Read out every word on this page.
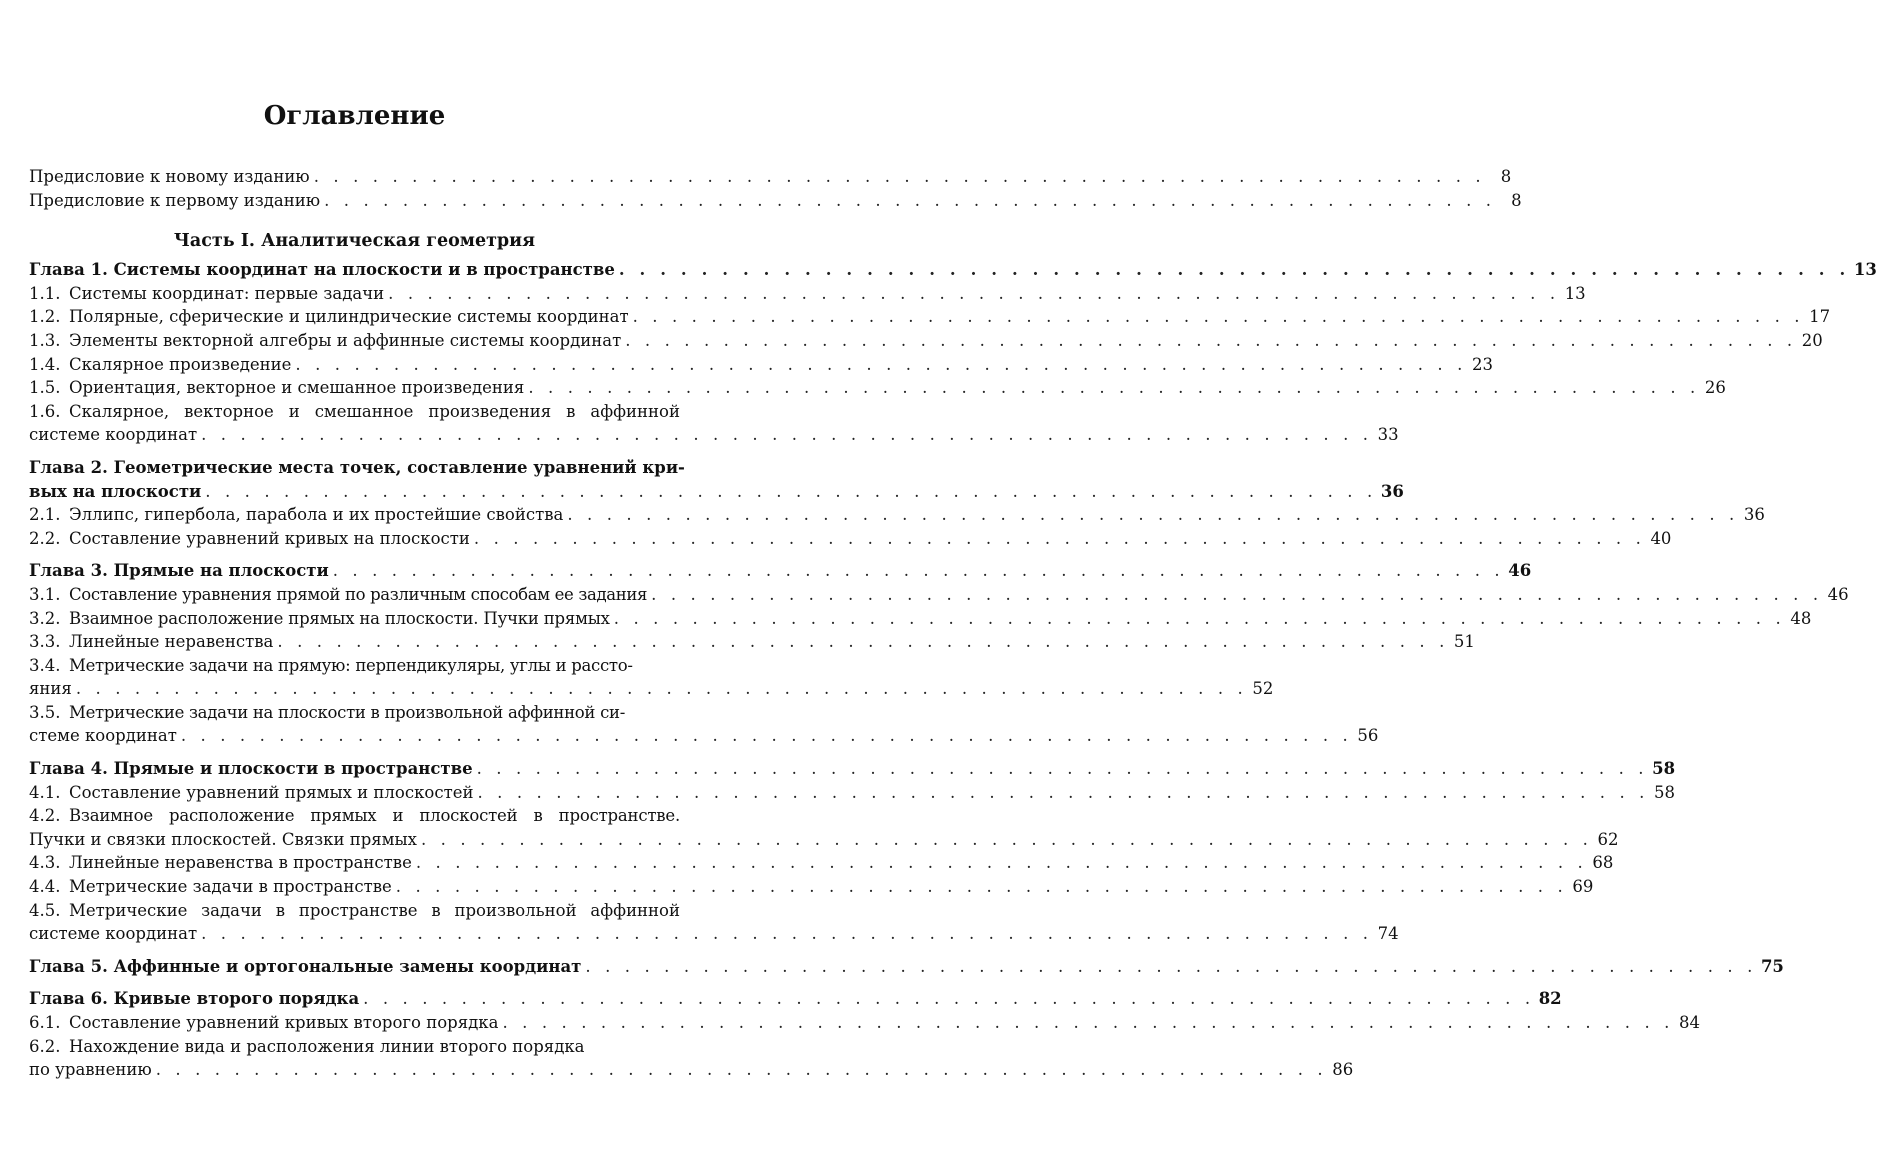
Оглавление
Предисловие к новому изданию . . . . . . . . . . . . . . . . . . . . . . . . . . . . . . . . . . . . . . . . . . . . . . . . . . . . . . . . . . . . 8
Предисловие к первому изданию . . . . . . . . . . . . . . . . . . . . . . . . . . . . . . . . . . . . . . . . . . . . . . . . . . . . . . . . . . . . 8
Часть I. Аналитическая геометрия
Глава 1. Системы координат на плоскости и в пространстве . . . . . . . . . . . . . . . . . . . . . . . . . . . . . . . . . . . . . . . . . . . . . . . . . . . . . . . . . . . . 13
1.1. Системы координат: первые задачи . . . . . . . . . . . . . . . . . . . . . . . . . . . . . . . . . . . . . . . . . . . . . . . . . . . . . . . . . . . . 13
1.2. Полярные, сферические и цилиндрические системы координат . . . . . . . . . . . . . . . . . . . . . . . . . . . . . . . . . . . . . . . . . . . . . . . . . . . . . . . . . . . . 17
1.3. Элементы векторной алгебры и аффинные системы координат . . . . . . . . . . . . . . . . . . . . . . . . . . . . . . . . . . . . . . . . . . . . . . . . . . . . . . . . . . . . 20
1.4. Скалярное произведение . . . . . . . . . . . . . . . . . . . . . . . . . . . . . . . . . . . . . . . . . . . . . . . . . . . . . . . . . . . . 23
1.5. Ориентация, векторное и смешанное произведения . . . . . . . . . . . . . . . . . . . . . . . . . . . . . . . . . . . . . . . . . . . . . . . . . . . . . . . . . . . . 26
1.6. Скалярное, векторное и смешанное произведения в аффинной
системе координат . . . . . . . . . . . . . . . . . . . . . . . . . . . . . . . . . . . . . . . . . . . . . . . . . . . . . . . . . . . . 33
Глава 2. Геометрические места точек, составление уравнений кри-
вых на плоскости . . . . . . . . . . . . . . . . . . . . . . . . . . . . . . . . . . . . . . . . . . . . . . . . . . . . . . . . . . . . 36
2.1. Эллипс, гипербола, парабола и их простейшие свойства . . . . . . . . . . . . . . . . . . . . . . . . . . . . . . . . . . . . . . . . . . . . . . . . . . . . . . . . . . . . 36
2.2. Составление уравнений кривых на плоскости . . . . . . . . . . . . . . . . . . . . . . . . . . . . . . . . . . . . . . . . . . . . . . . . . . . . . . . . . . . . 40
Глава 3. Прямые на плоскости . . . . . . . . . . . . . . . . . . . . . . . . . . . . . . . . . . . . . . . . . . . . . . . . . . . . . . . . . . . . 46
3.1. Составление уравнения прямой по различным способам ее задания . . . . . . . . . . . . . . . . . . . . . . . . . . . . . . . . . . . . . . . . . . . . . . . . . . . . . . . . . . . . 46
3.2. Взаимное расположение прямых на плоскости. Пучки прямых . . . . . . . . . . . . . . . . . . . . . . . . . . . . . . . . . . . . . . . . . . . . . . . . . . . . . . . . . . . . 48
3.3. Линейные неравенства . . . . . . . . . . . . . . . . . . . . . . . . . . . . . . . . . . . . . . . . . . . . . . . . . . . . . . . . . . . . 51
3.4. Метрические задачи на прямую: перпендикуляры, углы и рассто-
яния . . . . . . . . . . . . . . . . . . . . . . . . . . . . . . . . . . . . . . . . . . . . . . . . . . . . . . . . . . . . 52
3.5. Метрические задачи на плоскости в произвольной аффинной си-
стеме координат . . . . . . . . . . . . . . . . . . . . . . . . . . . . . . . . . . . . . . . . . . . . . . . . . . . . . . . . . . . . 56
Глава 4. Прямые и плоскости в пространстве . . . . . . . . . . . . . . . . . . . . . . . . . . . . . . . . . . . . . . . . . . . . . . . . . . . . . . . . . . . . 58
4.1. Составление уравнений прямых и плоскостей . . . . . . . . . . . . . . . . . . . . . . . . . . . . . . . . . . . . . . . . . . . . . . . . . . . . . . . . . . . . 58
4.2. Взаимное расположение прямых и плоскостей в пространстве.
Пучки и связки плоскостей. Связки прямых . . . . . . . . . . . . . . . . . . . . . . . . . . . . . . . . . . . . . . . . . . . . . . . . . . . . . . . . . . . . 62
4.3. Линейные неравенства в пространстве . . . . . . . . . . . . . . . . . . . . . . . . . . . . . . . . . . . . . . . . . . . . . . . . . . . . . . . . . . . . 68
4.4. Метрические задачи в пространстве . . . . . . . . . . . . . . . . . . . . . . . . . . . . . . . . . . . . . . . . . . . . . . . . . . . . . . . . . . . . 69
4.5. Метрические задачи в пространстве в произвольной аффинной
системе координат . . . . . . . . . . . . . . . . . . . . . . . . . . . . . . . . . . . . . . . . . . . . . . . . . . . . . . . . . . . . 74
Глава 5. Аффинные и ортогональные замены координат . . . . . . . . . . . . . . . . . . . . . . . . . . . . . . . . . . . . . . . . . . . . . . . . . . . . . . . . . . . . 75
Глава 6. Кривые второго порядка . . . . . . . . . . . . . . . . . . . . . . . . . . . . . . . . . . . . . . . . . . . . . . . . . . . . . . . . . . . . 82
6.1. Составление уравнений кривых второго порядка . . . . . . . . . . . . . . . . . . . . . . . . . . . . . . . . . . . . . . . . . . . . . . . . . . . . . . . . . . . . 84
6.2. Нахождение вида и расположения линии второго порядка
по уравнению . . . . . . . . . . . . . . . . . . . . . . . . . . . . . . . . . . . . . . . . . . . . . . . . . . . . . . . . . . . . 86
